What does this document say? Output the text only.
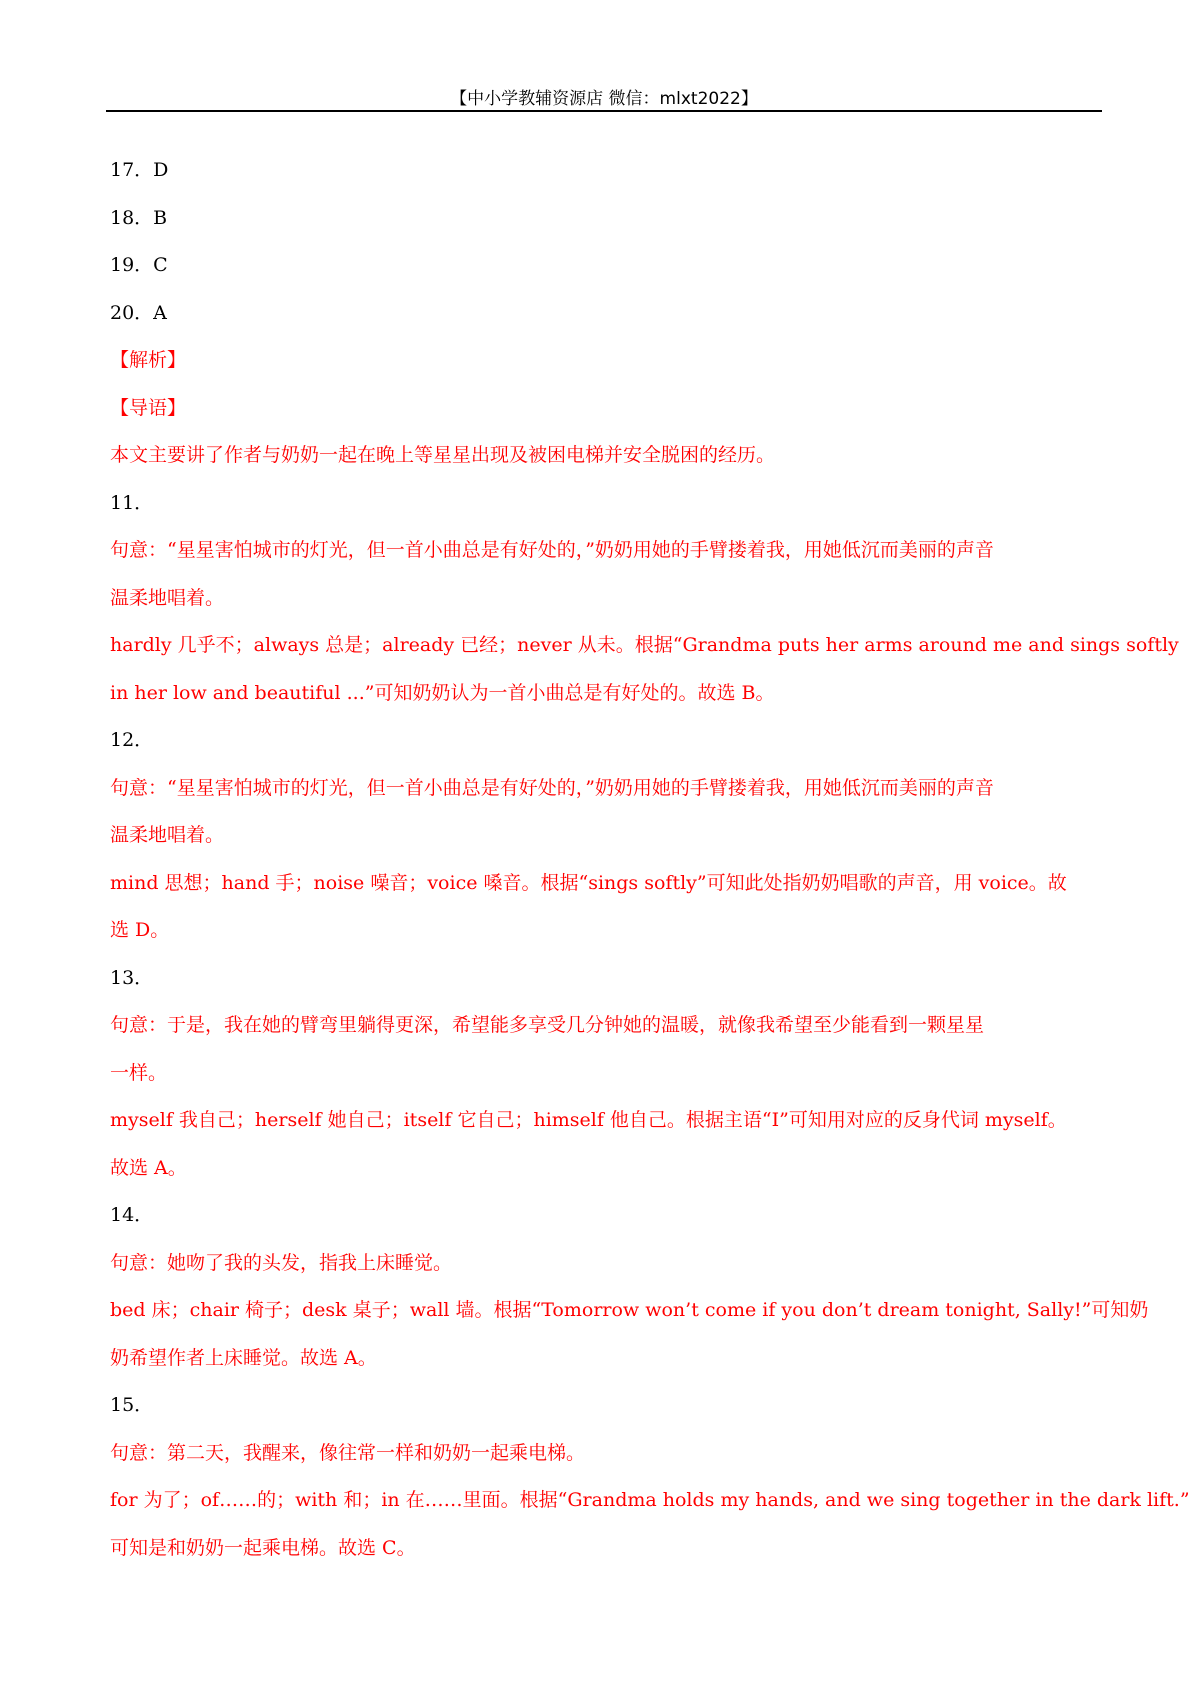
【中小学教辅资源店 微信：mlxt2022】
17．D
18．B
19．C
20．A
【解析】
【导语】
本文主要讲了作者与奶奶一起在晚上等星星出现及被困电梯并安全脱困的经历。
11．
句意：“星星害怕城市的灯光，但一首小曲总是有好处的，”奶奶用她的手臂搂着我，用她低沉而美丽的声音
温柔地唱着。
hardly 几乎不；always 总是；already 已经；never 从未。根据“Grandma puts her arms around me and sings softly
in her low and beautiful ...”可知奶奶认为一首小曲总是有好处的。故选 B。
12．
句意：“星星害怕城市的灯光，但一首小曲总是有好处的，”奶奶用她的手臂搂着我，用她低沉而美丽的声音
温柔地唱着。
mind 思想；hand 手；noise 噪音；voice 嗓音。根据“sings softly”可知此处指奶奶唱歌的声音，用 voice。故
选 D。
13．
句意：于是，我在她的臂弯里躺得更深，希望能多享受几分钟她的温暖，就像我希望至少能看到一颗星星
一样。
myself 我自己；herself 她自己；itself 它自己；himself 他自己。根据主语“I”可知用对应的反身代词 myself。
故选 A。
14．
句意：她吻了我的头发，指我上床睡觉。
bed 床；chair 椅子；desk 桌子；wall 墙。根据“Tomorrow won’t come if you don’t dream tonight, Sally!”可知奶
奶希望作者上床睡觉。故选 A。
15．
句意：第二天，我醒来，像往常一样和奶奶一起乘电梯。
for 为了；of……的；with 和；in 在……里面。根据“Grandma holds my hands, and we sing together in the dark lift.”
可知是和奶奶一起乘电梯。故选 C。
